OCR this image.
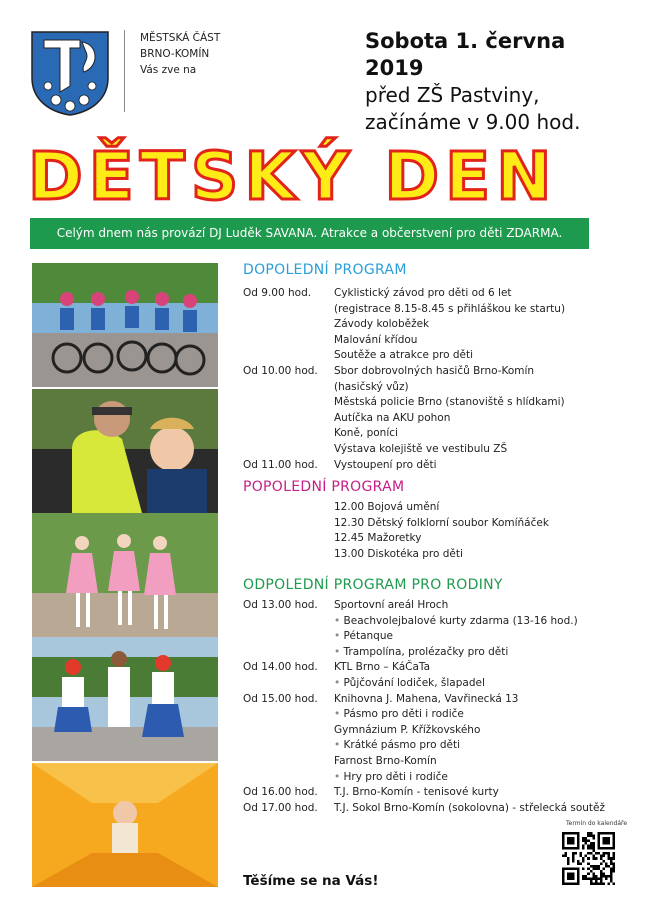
MĚSTSKÁ ČÁST
BRNO-KOMÍN
Vás zve na
Sobota 1. června 2019
před ZŠ Pastviny,
začínáme v 9.00 hod.
DĚTSKÝ DEN
Celým dnem nás provází DJ Luděk SAVANA. Atrakce a občerstvení pro děti ZDARMA.
DOPOLEDNÍ PROGRAM
Od 9.00 hod.	Cyklistický závod pro děti od 6 let
(registrace 8.15-8.45 s přihláškou ke startu)
Závody koloběžek
Malování křídou
Soutěže a atrakce pro děti
Od 10.00 hod.	Sbor dobrovolných hasičů Brno-Komín
(hasičský vůz)
Městská policie Brno (stanoviště s hlídkami)
Autíčka na AKU pohon
Koně, poníci
Výstava kolejiště ve vestibulu ZŠ
Od 11.00 hod.	Vystoupení pro děti
POPOLEDNÍ PROGRAM
12.00 Bojová umění
12.30 Dětský folklorní soubor Komíňáček
12.45 Mažoretky
13.00 Diskotéka pro děti
ODPOLEDNÍ PROGRAM PRO RODINY
Od 13.00 hod.	Sportovní areál Hroch
• Beachvolejbalové kurty zdarma (13-16 hod.)
• Pétanque
• Trampolína, prolézačky pro děti
Od 14.00 hod.	KTL Brno – KáČaTa
• Půjčování lodiček, šlapadel
Od 15.00 hod.	Knihovna J. Mahena, Vavřinecká 13
• Pásmo pro děti i rodiče
Gymnázium P. Křížkovského
• Krátké pásmo pro děti
Farnost Brno-Komín
• Hry pro děti i rodiče
Od 16.00 hod.	T.J. Brno-Komín - tenisové kurty
Od 17.00 hod.	T.J. Sokol Brno-Komín (sokolovna) - střelecká soutěž
Těšíme se na Vás!
Termín do kalendáře
